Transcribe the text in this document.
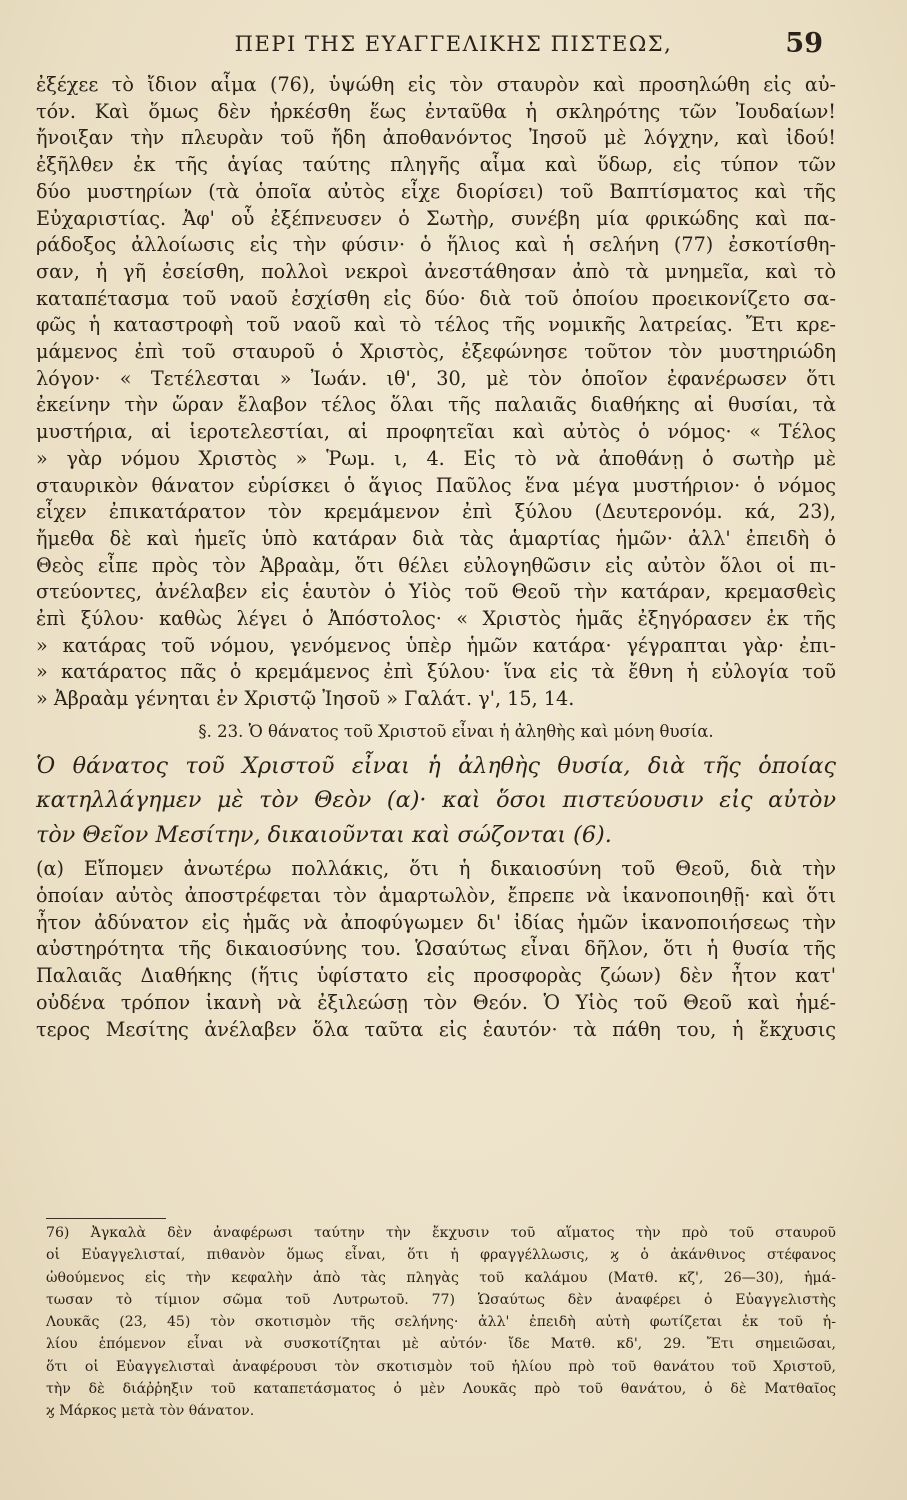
ΠΕΡΙ ΤΗΣ ΕΥΑΓΓΕΛΙΚΗΣ ΠΙΣΤΕΩΣ,	59
ἐξέχεε τὸ ἴδιον αἷμα (76), ὑψώθη εἰς τὸν σταυρὸν καὶ προσηλώθη εἰς αὐ-
τόν. Καὶ ὅμως δὲν ἠρκέσθη ἕως ἐνταῦθα ἡ σκληρότης τῶν Ἰουδαίων!
ἤνοιξαν τὴν πλευρὰν τοῦ ἤδη ἀποθανόντος Ἰησοῦ μὲ λόγχην, καὶ ἰδού!
ἐξῆλθεν ἐκ τῆς ἁγίας ταύτης πληγῆς αἷμα καὶ ὕδωρ, εἰς τύπον τῶν
δύο μυστηρίων (τὰ ὁποῖα αὐτὸς εἶχε διορίσει) τοῦ Βαπτίσματος καὶ τῆς
Εὐχαριστίας. Ἀφ' οὗ ἐξέπνευσεν ὁ Σωτὴρ, συνέβη μία φρικώδης καὶ πα-
ράδοξος ἀλλοίωσις εἰς τὴν φύσιν· ὁ ἥλιος καὶ ἡ σελήνη (77) ἐσκοτίσθη-
σαν, ἡ γῆ ἐσείσθη, πολλοὶ νεκροὶ ἀνεστάθησαν ἀπὸ τὰ μνημεῖα, καὶ τὸ
καταπέτασμα τοῦ ναοῦ ἐσχίσθη εἰς δύο· διὰ τοῦ ὁποίου προεικονίζετο σα-
φῶς ἡ καταστροφὴ τοῦ ναοῦ καὶ τὸ τέλος τῆς νομικῆς λατρείας. Ἔτι κρε-
μάμενος ἐπὶ τοῦ σταυροῦ ὁ Χριστὸς, ἐξεφώνησε τοῦτον τὸν μυστηριώδη
λόγον· « Τετέλεσται » Ἰωάν. ιθ', 30, μὲ τὸν ὁποῖον ἐφανέρωσεν ὅτι
ἐκείνην τὴν ὥραν ἔλαβον τέλος ὅλαι τῆς παλαιᾶς διαθήκης αἱ θυσίαι, τὰ
μυστήρια, αἱ ἱεροτελεστίαι, αἱ προφητεῖαι καὶ αὐτὸς ὁ νόμος· « Τέλος
» γὰρ νόμου Χριστὸς » Ῥωμ. ι, 4. Εἰς τὸ νὰ ἀποθάνῃ ὁ σωτὴρ μὲ
σταυρικὸν θάνατον εὑρίσκει ὁ ἅγιος Παῦλος ἕνα μέγα μυστήριον· ὁ νόμος
εἶχεν ἐπικατάρατον τὸν κρεμάμενον ἐπὶ ξύλου (Δευτερονόμ. κά, 23),
ἤμεθα δὲ καὶ ἡμεῖς ὑπὸ κατάραν διὰ τὰς ἁμαρτίας ἡμῶν· ἀλλ' ἐπειδὴ ὁ
Θεὸς εἶπε πρὸς τὸν Ἀβραὰμ, ὅτι θέλει εὐλογηθῶσιν εἰς αὐτὸν ὅλοι οἱ πι-
στεύοντες, ἀνέλαβεν εἰς ἑαυτὸν ὁ Υἱὸς τοῦ Θεοῦ τὴν κατάραν, κρεμασθεὶς
ἐπὶ ξύλου· καθὼς λέγει ὁ Ἀπόστολος· « Χριστὸς ἡμᾶς ἐξηγόρασεν ἐκ τῆς
» κατάρας τοῦ νόμου, γενόμενος ὑπὲρ ἡμῶν κατάρα· γέγραπται γὰρ· ἐπι-
» κατάρατος πᾶς ὁ κρεμάμενος ἐπὶ ξύλου· ἵνα εἰς τὰ ἔθνη ἡ εὐλογία τοῦ
» Ἀβραὰμ γένηται ἐν Χριστῷ Ἰησοῦ » Γαλάτ. γ', 15, 14.
§. 23. Ὁ θάνατος τοῦ Χριστοῦ εἶναι ἡ ἀληθὴς καὶ μόνη θυσία.
Ὁ θάνατος τοῦ Χριστοῦ εἶναι ἡ ἀληθὴς θυσία, διὰ τῆς ὁποίας
κατηλλάγημεν μὲ τὸν Θεὸν (α)· καὶ ὅσοι πιστεύουσιν εἰς αὐτὸν
τὸν Θεῖον Μεσίτην, δικαιοῦνται καὶ σώζονται (6).
(α) Εἴπομεν ἀνωτέρω πολλάκις, ὅτι ἡ δικαιοσύνη τοῦ Θεοῦ, διὰ τὴν
ὁποίαν αὐτὸς ἀποστρέφεται τὸν ἁμαρτωλὸν, ἔπρεπε νὰ ἱκανοποιηθῇ· καὶ ὅτι
ἦτον ἀδύνατον εἰς ἡμᾶς νὰ ἀποφύγωμεν δι' ἰδίας ἡμῶν ἱκανοποιήσεως τὴν
αὐστηρότητα τῆς δικαιοσύνης του. Ὡσαύτως εἶναι δῆλον, ὅτι ἡ θυσία τῆς
Παλαιᾶς Διαθήκης (ἥτις ὑφίστατο εἰς προσφορὰς ζώων) δὲν ἦτον κατ'
οὐδένα τρόπον ἱκανὴ νὰ ἐξιλεώσῃ τὸν Θεόν. Ὁ Υἱὸς τοῦ Θεοῦ καὶ ἡμέ-
τερος Μεσίτης ἀνέλαβεν ὅλα ταῦτα εἰς ἑαυτόν· τὰ πάθη του, ἡ ἔκχυσις
76) Ἀγκαλὰ δὲν ἀναφέρωσι ταύτην τὴν ἔκχυσιν τοῦ αἵματος τὴν πρὸ τοῦ σταυροῦ
οἱ Εὐαγγελισταί, πιθανὸν ὅμως εἶναι, ὅτι ἡ φραγγέλλωσις, ϗ ὁ ἀκάνθινος στέφανος
ὠθούμενος εἰς τὴν κεφαλὴν ἀπὸ τὰς πληγὰς τοῦ καλάμου (Ματθ. κζ', 26—30), ἡμά-
τωσαν τὸ τίμιον σῶμα τοῦ Λυτρωτοῦ. 77) Ὡσαύτως δὲν ἀναφέρει ὁ Εὐαγγελιστὴς
Λουκᾶς (23, 45) τὸν σκοτισμὸν τῆς σελήνης· ἀλλ' ἐπειδὴ αὐτὴ φωτίζεται ἐκ τοῦ ἡ-
λίου ἑπόμενον εἶναι νὰ συσκοτίζηται μὲ αὐτόν· ἴδε Ματθ. κδ', 29. Ἔτι σημειῶσαι,
ὅτι οἱ Εὐαγγελισταὶ ἀναφέρουσι τὸν σκοτισμὸν τοῦ ἡλίου πρὸ τοῦ θανάτου τοῦ Χριστοῦ,
τὴν δὲ διάῤῥηξιν τοῦ καταπετάσματος ὁ μὲν Λουκᾶς πρὸ τοῦ θανάτου, ὁ δὲ Ματθαῖος
ϗ Μάρκος μετὰ τὸν θάνατον.
